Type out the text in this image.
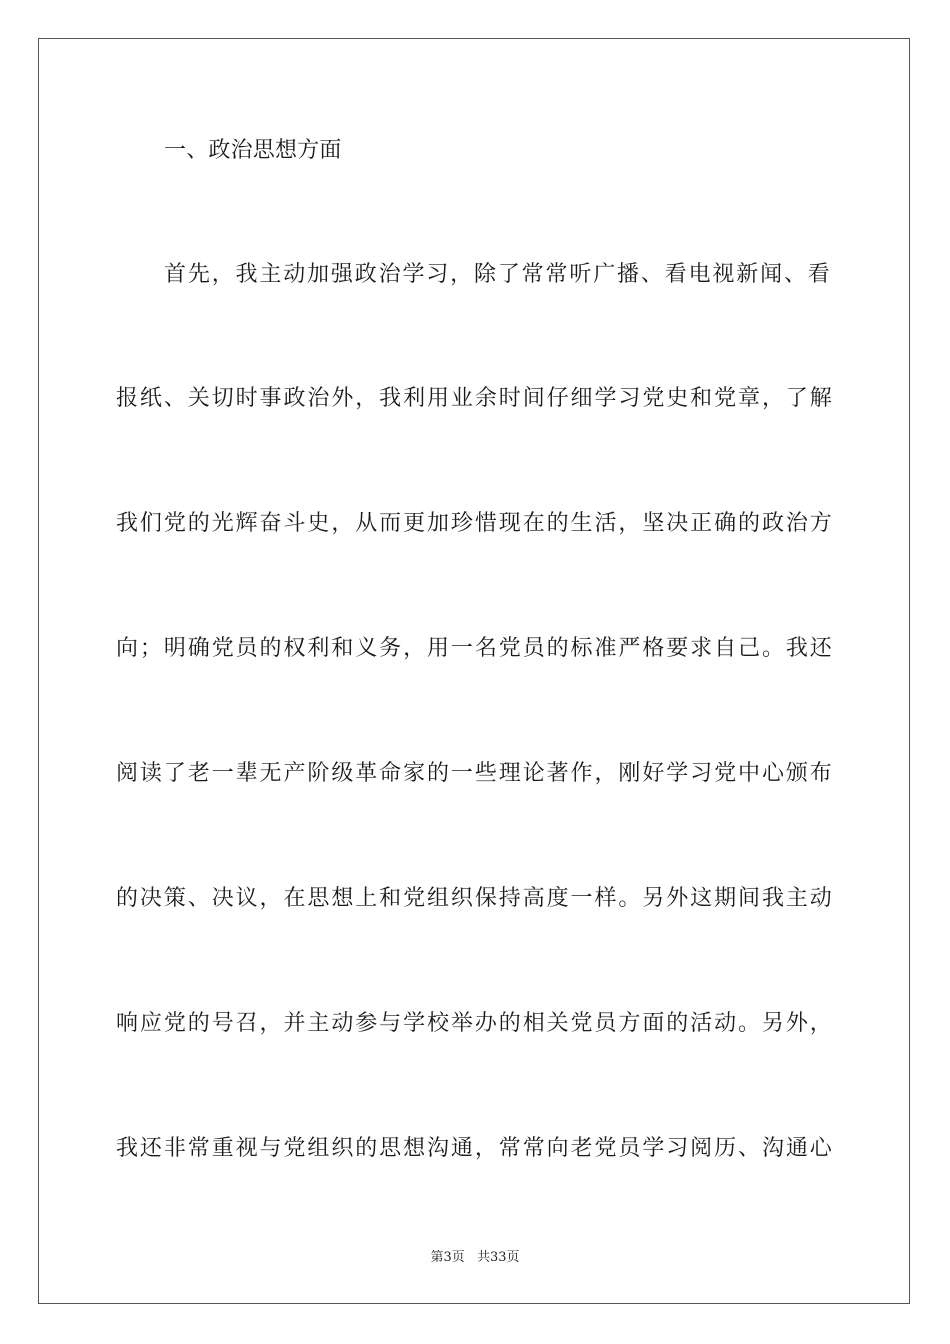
一、政治思想方面
首先，我主动加强政治学习，除了常常听广播、看电视新闻、看
报纸、关切时事政治外，我利用业余时间仔细学习党史和党章，了解
我们党的光辉奋斗史，从而更加珍惜现在的生活，坚决正确的政治方
向；明确党员的权利和义务，用一名党员的标准严格要求自己。我还
阅读了老一辈无产阶级革命家的一些理论著作，刚好学习党中心颁布
的决策、决议，在思想上和党组织保持高度一样。另外这期间我主动
响应党的号召，并主动参与学校举办的相关党员方面的活动。另外，
我还非常重视与党组织的思想沟通，常常向老党员学习阅历、沟通心
第3页 共33页
